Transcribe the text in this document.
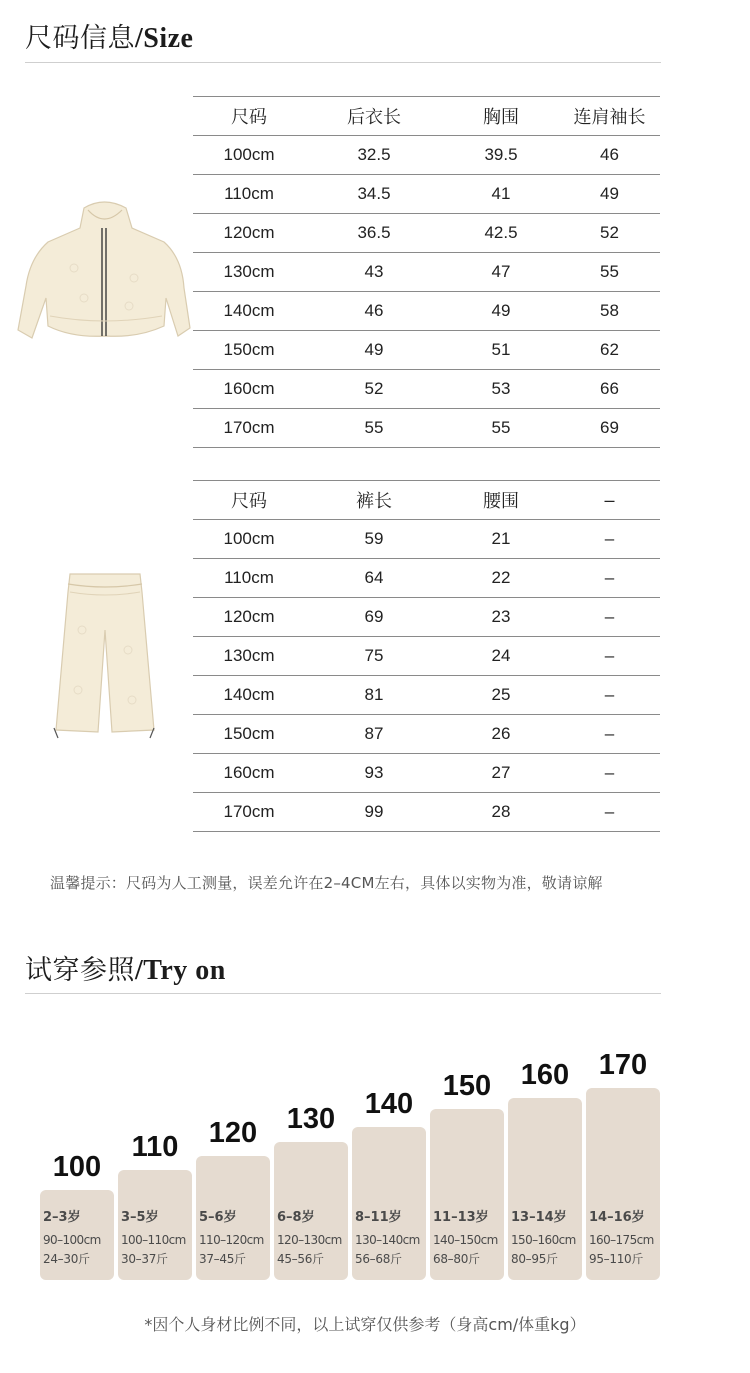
尺码信息/Size
尺码	后衣长	胸围	连肩袖长
100cm	32.5	39.5	46
110cm	34.5	41	49
120cm	36.5	42.5	52
130cm	43	47	55
140cm	46	49	58
150cm	49	51	62
160cm	52	53	66
170cm	55	55	69
尺码	裤长	腰围	–
100cm	59	21	–
110cm	64	22	–
120cm	69	23	–
130cm	75	24	–
140cm	81	25	–
150cm	87	26	–
160cm	93	27	–
170cm	99	28	–
温馨提示：尺码为人工测量，误差允许在2–4CM左右，具体以实物为准，敬请谅解
试穿参照/Try on
100
2–3岁
90–100cm
24–30斤
110
3–5岁
100–110cm
30–37斤
120
5–6岁
110–120cm
37–45斤
130
6–8岁
120–130cm
45–56斤
140
8–11岁
130–140cm
56–68斤
150
11–13岁
140–150cm
68–80斤
160
13–14岁
150–160cm
80–95斤
170
14–16岁
160–175cm
95–110斤
*因个人身材比例不同，以上试穿仅供参考（身高cm/体重kg）
